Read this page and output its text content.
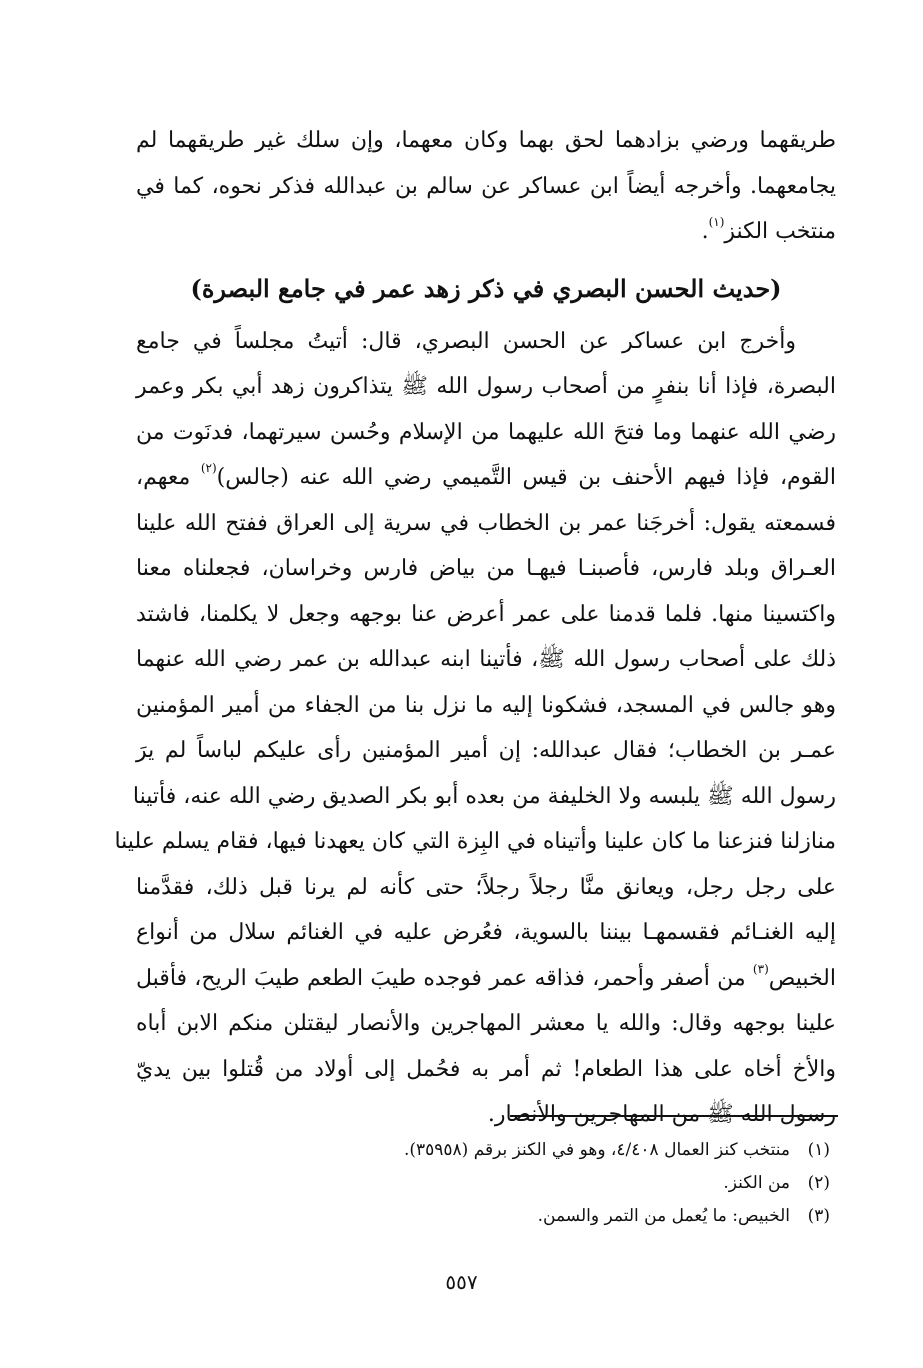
طريقهما ورضي بزادهما لحق بهما وكان معهما، وإن سلك غير طريقهما لم
يجامعهما. وأخرجه أيضاً ابن عساكر عن سالم بن عبدالله فذكر نحوه، كما في
منتخب الكنز$^{(١)}$.
(حديث الحسن البصري في ذكر زهد عمر في جامع البصرة)
وأخرج ابن عساكر عن الحسن البصري، قال: أتيتُ مجلساً في جامع
البصرة، فإذا أنا بنفرٍ من أصحاب رسول الله ﷺ يتذاكرون زهد أبي بكر وعمر
رضي الله عنهما وما فتحَ الله عليهما من الإسلام وحُسن سيرتهما، فدنَوت من
القوم، فإذا فيهم الأحنف بن قيس التَّميمي رضي الله عنه (جالس)$^{(٢)}$ معهم،
فسمعته يقول: أخرجَنا عمر بن الخطاب في سرية إلى العراق ففتح الله علينا
العـراق وبلد فارس، فأصبنـا فيهـا من بياض فارس وخراسان، فجعلناه معنا
واكتسينا منها. فلما قدمنا على عمر أعرض عنا بوجهه وجعل لا يكلمنا، فاشتد
ذلك على أصحاب رسول الله ﷺ، فأتينا ابنه عبدالله بن عمر رضي الله عنهما
وهو جالس في المسجد، فشكونا إليه ما نزل بنا من الجفاء من أمير المؤمنين
عمـر بن الخطاب؛ فقال عبدالله: إن أمير المؤمنين رأى عليكم لباساً لم يرَ
رسول الله ﷺ يلبسه ولا الخليفة من بعده أبو بكر الصديق رضي الله عنه، فأتينا
منازلنا فنزعنا ما كان علينا وأتيناه في البِزة التي كان يعهدنا فيها، فقام يسلم علينا
على رجل رجل، ويعانق منَّا رجلاً رجلاً؛ حتى كأنه لم يرنا قبل ذلك، فقدَّمنا
إليه الغنـائم فقسمهـا بيننا بالسوية، فعُرض عليه في الغنائم سلال من أنواع
الخبيص$^{(٣)}$ من أصفر وأحمر، فذاقه عمر فوجده طيبَ الطعم طيبَ الريح، فأقبل
علينا بوجهه وقال: والله يا معشر المهاجرين والأنصار ليقتلن منكم الابن أباه
والأخ أخاه على هذا الطعام! ثم أمر به فحُمل إلى أولاد من قُتلوا بين يديّ
رسول الله ﷺ من المهاجرين والأنصار.
(١)منتخب كنز العمال ٤/٤٠٨، وهو في الكنز برقم (٣٥٩٥٨).
(٢)من الكنز.
(٣)الخبيص: ما يُعمل من التمر والسمن.
٥٥٧
